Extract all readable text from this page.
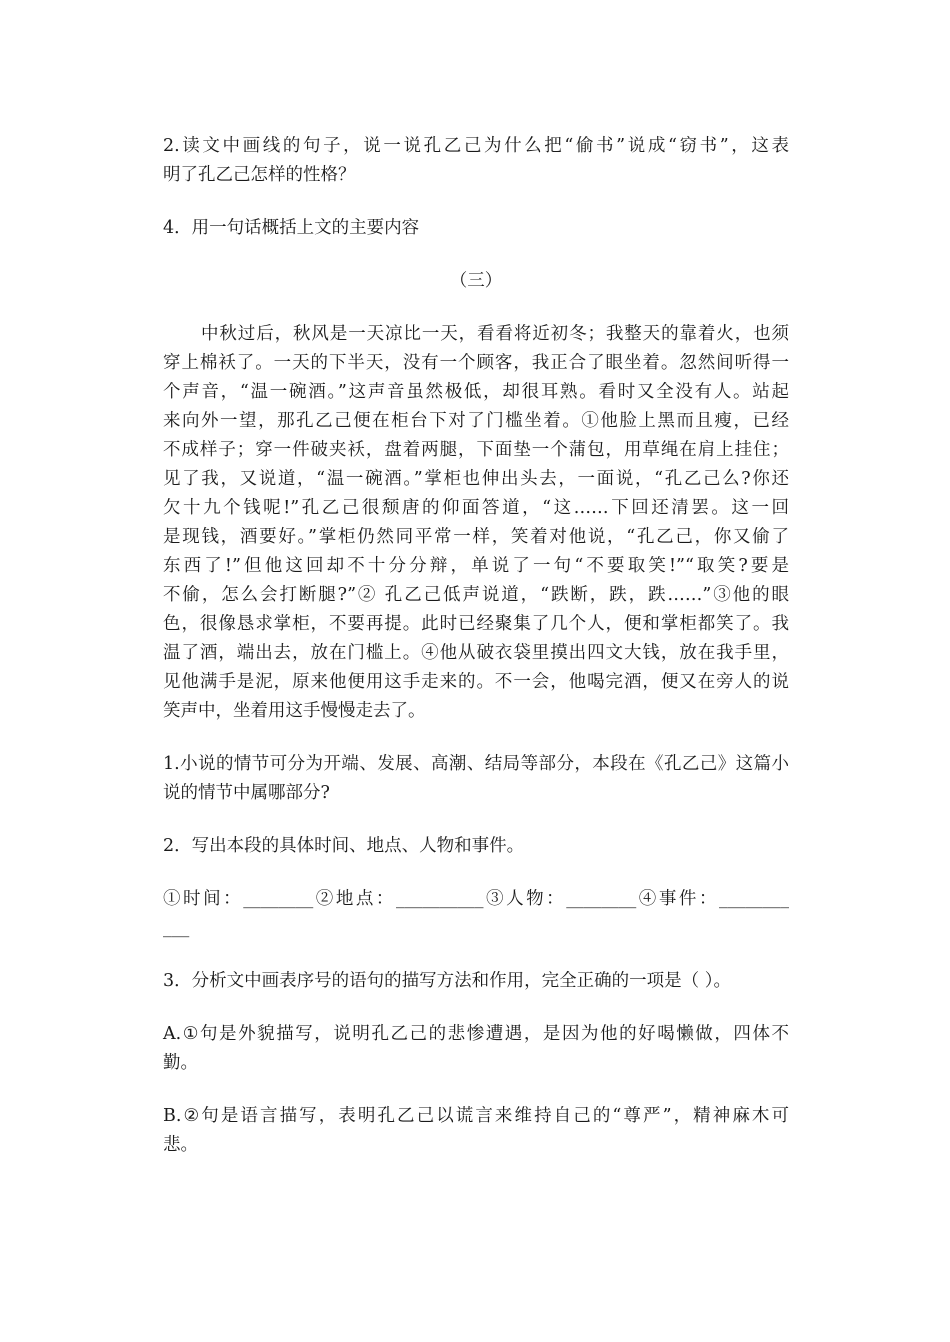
2.读文中画线的句子，说一说孔乙己为什么把“偷书”说成“窃书”，这表
明了孔乙己怎样的性格？
4．用一句话概括上文的主要内容
（三）
中秋过后，秋风是一天凉比一天，看看将近初冬；我整天的靠着火，也须
穿上棉袄了。一天的下半天，没有一个顾客，我正合了眼坐着。忽然间听得一
个声音，“温一碗酒。”这声音虽然极低，却很耳熟。看时又全没有人。站起
来向外一望，那孔乙己便在柜台下对了门槛坐着。①他脸上黑而且瘦，已经
不成样子；穿一件破夹袄，盘着两腿，下面垫一个蒲包，用草绳在肩上挂住；
见了我，又说道，“温一碗酒。”掌柜也伸出头去，一面说，“孔乙己么?你还
欠十九个钱呢!”孔乙己很颓唐的仰面答道，“这……下回还清罢。这一回
是现钱，酒要好。”掌柜仍然同平常一样，笑着对他说，“孔乙己，你又偷了
东西了!”但他这回却不十分分辩，单说了一句“不要取笑!”“取笑?要是
不偷，怎么会打断腿?”② 孔乙己低声说道，“跌断，跌，跌……”③他的眼
色，很像恳求掌柜，不要再提。此时已经聚集了几个人，便和掌柜都笑了。我
温了酒，端出去，放在门槛上。④他从破衣袋里摸出四文大钱，放在我手里，
见他满手是泥，原来他便用这手走来的。不一会，他喝完酒，便又在旁人的说
笑声中，坐着用这手慢慢走去了。
1.小说的情节可分为开端、发展、高潮、结局等部分，本段在《孔乙己》这篇小
说的情节中属哪部分?
2．写出本段的具体时间、地点、人物和事件。
①时间：________②地点：__________③人物：________④事件：________
___
3．分析文中画表序号的语句的描写方法和作用，完全正确的一项是（ ）。
A.①句是外貌描写，说明孔乙己的悲惨遭遇，是因为他的好喝懒做，四体不
勤。
B.②句是语言描写，表明孔乙己以谎言来维持自己的“尊严”，精神麻木可
悲。
